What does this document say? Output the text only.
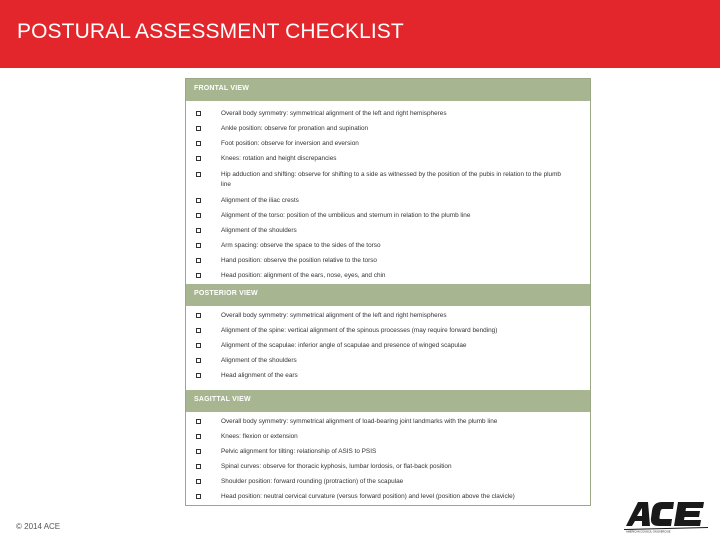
POSTURAL ASSESSMENT CHECKLIST
FRONTAL VIEW
Overall body symmetry: symmetrical alignment of the left and right hemispheres
Ankle position: observe for pronation and supination
Foot position: observe for inversion and eversion
Knees: rotation and height discrepancies
Hip adduction and shifting: observe for shifting to a side as witnessed by the position of the pubis in relation to the plumb line
Alignment of the iliac crests
Alignment of the torso: position of the umbilicus and sternum in relation to the plumb line
Alignment of the shoulders
Arm spacing: observe the space to the sides of the torso
Hand position: observe the position relative to the torso
Head position: alignment of the ears, nose, eyes, and chin
POSTERIOR VIEW
Overall body symmetry: symmetrical alignment of the left and right hemispheres
Alignment of the spine: vertical alignment of the spinous processes (may require forward bending)
Alignment of the scapulae: inferior angle of scapulae and presence of winged scapulae
Alignment of the shoulders
Head alignment of the ears
SAGITTAL VIEW
Overall body symmetry: symmetrical alignment of load-bearing joint landmarks with the plumb line
Knees: flexion or extension
Pelvic alignment for tilting: relationship of ASIS to PSIS
Spinal curves: observe for thoracic kyphosis, lumbar lordosis, or flat-back position
Shoulder position: forward rounding (protraction) of the scapulae
Head position: neutral cervical curvature (versus forward position) and level (position above the clavicle)
© 2014 ACE
AMERICAN COUNCIL ON EXERCISE
